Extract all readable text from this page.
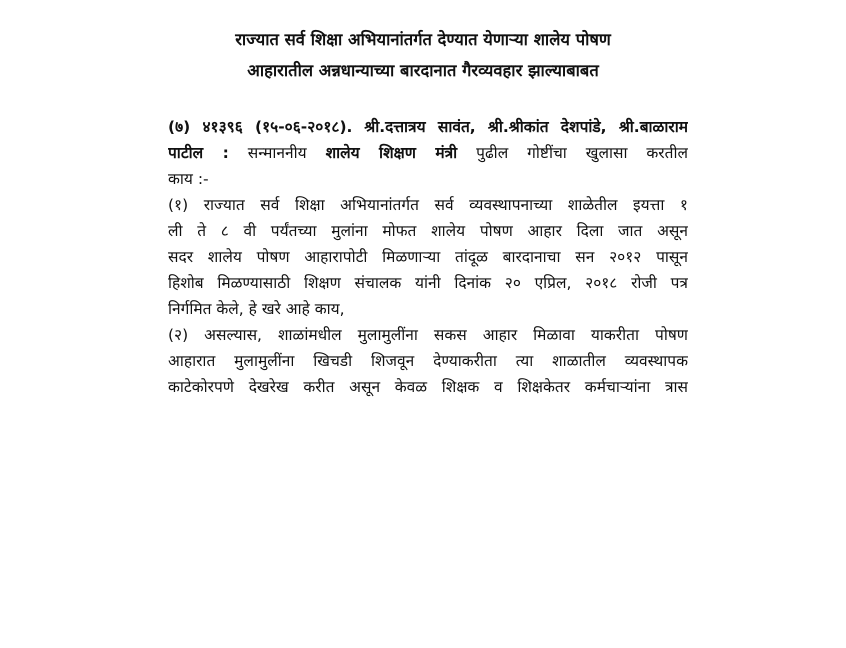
राज्यात सर्व शिक्षा अभियानांतर्गत देण्यात येणाऱ्या शालेय पोषण
आहारातील अन्नधान्याच्या बारदानात गैरव्यवहार झाल्याबाबत
(७) ४१३९६ (१५-०६-२०१८). श्री.दत्तात्रय सावंत, श्री.श्रीकांत देशपांडे, श्री.बाळाराम
पाटील : सन्माननीय शालेय शिक्षण मंत्री पुढील गोष्टींचा खुलासा करतील
काय :-
(१) राज्यात सर्व शिक्षा अभियानांतर्गत सर्व व्यवस्थापनाच्या शाळेतील इयत्ता १
ली ते ८ वी पर्यंतच्या मुलांना मोफत शालेय पोषण आहार दिला जात असून
सदर शालेय पोषण आहारापोटी मिळणाऱ्या तांदूळ बारदानाचा सन २०१२ पासून
हिशोब मिळण्यासाठी शिक्षण संचालक यांनी दिनांक २० एप्रिल, २०१८ रोजी पत्र
निर्गमित केले, हे खरे आहे काय,
(२) असल्यास, शाळांमधील मुलामुलींना सकस आहार मिळावा याकरीता पोषण
आहारात मुलामुलींना खिचडी शिजवून देण्याकरीता त्या शाळातील व्यवस्थापक
काटेकोरपणे देखरेख करीत असून केवळ शिक्षक व शिक्षकेतर कर्मचाऱ्यांना त्रास
